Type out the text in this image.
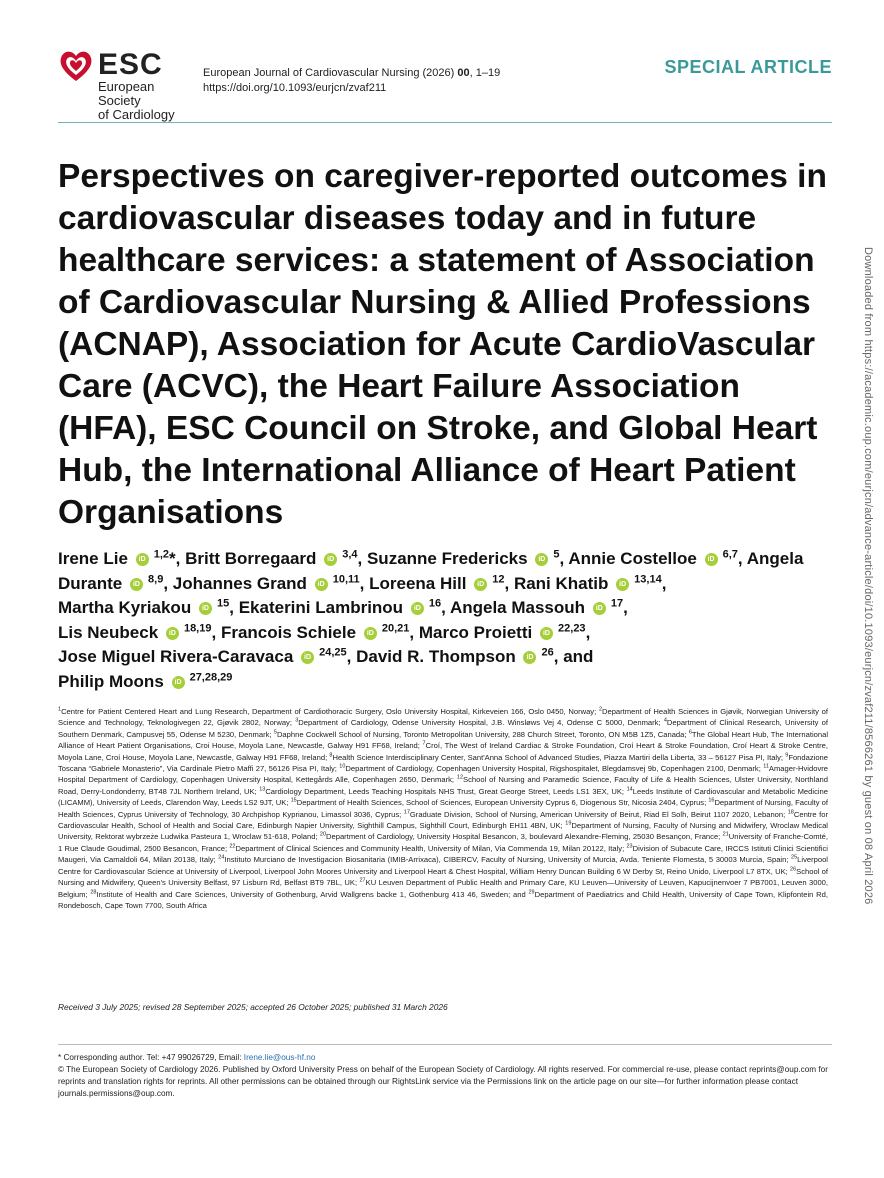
ESC
European Society
of Cardiology
European Journal of Cardiovascular Nursing (2026) 00, 1–19
https://doi.org/10.1093/eurjcn/zvaf211
SPECIAL ARTICLE
Perspectives on caregiver-reported outcomes in cardiovascular diseases today and in future healthcare services: a statement of Association of Cardiovascular Nursing & Allied Professions (ACNAP), Association for Acute CardioVascular Care (ACVC), the Heart Failure Association (HFA), ESC Council on Stroke, and Global Heart Hub, the International Alliance of Heart Patient Organisations
Irene Lie iD $^{1,2}$*, Britt Borregaard iD $^{3,4}$, Suzanne Fredericks iD $^5$, Annie Costelloe iD $^{6,7}$, Angela Durante iD $^{8,9}$, Johannes Grand iD $^{10,11}$, Loreena Hill iD $^{12}$, Rani Khatib iD $^{13,14}$,
Martha Kyriakou iD $^{15}$, Ekaterini Lambrinou iD $^{16}$, Angela Massouh iD $^{17}$,
Lis Neubeck iD $^{18,19}$, Francois Schiele iD $^{20,21}$, Marco Proietti iD $^{22,23}$,
Jose Miguel Rivera-Caravaca iD $^{24,25}$, David R. Thompson iD $^{26}$, and
Philip Moons iD $^{27,28,29}$
$^1$Centre for Patient Centered Heart and Lung Research, Department of Cardiothoracic Surgery, Oslo University Hospital, Kirkeveien 166, Oslo 0450, Norway; $^2$Department of Health Sciences in Gjøvik, Norwegian University of Science and Technology, Teknologivegen 22, Gjøvik 2802, Norway; $^3$Department of Cardiology, Odense University Hospital, J.B. Winsløws Vej 4, Odense C 5000, Denmark; $^4$Department of Clinical Research, University of Southern Denmark, Campusvej 55, Odense M 5230, Denmark; $^5$Daphne Cockwell School of Nursing, Toronto Metropolitan University, 288 Church Street, Toronto, ON M5B 1Z5, Canada; $^6$The Global Heart Hub, The International Alliance of Heart Patient Organisations, Croi House, Moyola Lane, Newcastle, Galway H91 FF68, Ireland; $^7$Croí, The West of Ireland Cardiac & Stroke Foundation, Croí Heart & Stroke Foundation, Croí Heart & Stroke Centre, Moyola Lane, Croí House, Moyola Lane, Newcastle, Galway H91 FF68, Ireland; $^8$Health Science Interdisciplinary Center, Sant'Anna School of Advanced Studies, Piazza Martiri della Liberta, 33 – 56127 Pisa PI, Italy; $^9$Fondazione Toscana “Gabriele Monasterio”, Via Cardinale Pietro Maffi 27, 56126 Pisa PI, Italy; $^{10}$Department of Cardiology, Copenhagen University Hospital, Rigshospitalet, Blegdamsvej 9b, Copenhagen 2100, Denmark; $^{11}$Amager-Hvidovre Hospital Department of Cardiology, Copenhagen University Hospital, Kettegårds Alle, Copenhagen 2650, Denmark; $^{12}$School of Nursing and Paramedic Science, Faculty of Life & Health Sciences, Ulster University, Northland Road, Derry-Londonderry, BT48 7JL Northern Ireland, UK; $^{13}$Cardiology Department, Leeds Teaching Hospitals NHS Trust, Great George Street, Leeds LS1 3EX, UK; $^{14}$Leeds Institute of Cardiovascular and Metabolic Medicine (LICAMM), University of Leeds, Clarendon Way, Leeds LS2 9JT, UK; $^{15}$Department of Health Sciences, School of Sciences, European University Cyprus 6, Diogenous Str, Nicosia 2404, Cyprus; $^{16}$Department of Nursing, Faculty of Health Sciences, Cyprus University of Technology, 30 Archpishop Kyprianou, Limassol 3036, Cyprus; $^{17}$Graduate Division, School of Nursing, American University of Beirut, Riad El Solh, Beirut 1107 2020, Lebanon; $^{18}$Centre for Cardiovascular Health, School of Health and Social Care, Edinburgh Napier University, Sighthill Campus, Sighthill Court, Edinburgh EH11 4BN, UK; $^{19}$Department of Nursing, Faculty of Nursing and Midwifery, Wroclaw Medical University, Rektorat wybrzeże Ludwika Pasteura 1, Wroclaw 51-618, Poland; $^{20}$Department of Cardiology, University Hospital Besancon, 3, boulevard Alexandre-Fleming, 25030 Besançon, France; $^{21}$University of Franche-Comté, 1 Rue Claude Goudimal, 2500 Besancon, France; $^{22}$Department of Clinical Sciences and Community Health, University of Milan, Via Commenda 19, Milan 20122, Italy; $^{23}$Division of Subacute Care, IRCCS Istituti Clinici Scientifici Maugeri, Via Camaldoli 64, Milan 20138, Italy; $^{24}$Instituto Murciano de Investigacion Biosanitaria (IMIB-Arrixaca), CIBERCV, Faculty of Nursing, University of Murcia, Avda. Teniente Flomesta, 5 30003 Murcia, Spain; $^{25}$Liverpool Centre for Cardiovascular Science at University of Liverpool, Liverpool John Moores University and Liverpool Heart & Chest Hospital, William Henry Duncan Building 6 W Derby St, Reino Unido, Liverpool L7 8TX, UK; $^{26}$School of Nursing and Midwifery, Queen's University Belfast, 97 Lisburn Rd, Belfast BT9 7BL, UK; $^{27}$KU Leuven Department of Public Health and Primary Care, KU Leuven—University of Leuven, Kapucijnenvoer 7 PB7001, Leuven 3000, Belgium; $^{28}$Institute of Health and Care Sciences, University of Gothenburg, Arvid Wallgrens backe 1, Gothenburg 413 46, Sweden; and $^{29}$Department of Paediatrics and Child Health, University of Cape Town, Klipfontein Rd, Rondebosch, Cape Town 7700, South Africa
Received 3 July 2025; revised 28 September 2025; accepted 26 October 2025; published 31 March 2026
* Corresponding author. Tel: +47 99026729, Email: Irene.lie@ous-hf.no
© The European Society of Cardiology 2026. Published by Oxford University Press on behalf of the European Society of Cardiology. All rights reserved. For commercial re-use, please contact reprints@oup.com for reprints and translation rights for reprints. All other permissions can be obtained through our RightsLink service via the Permissions link on the article page on our site—for further information please contact journals.permissions@oup.com.
Downloaded from https://academic.oup.com/eurjcn/advance-article/doi/10.1093/eurjcn/zvaf211/8566261 by guest on 08 April 2026
